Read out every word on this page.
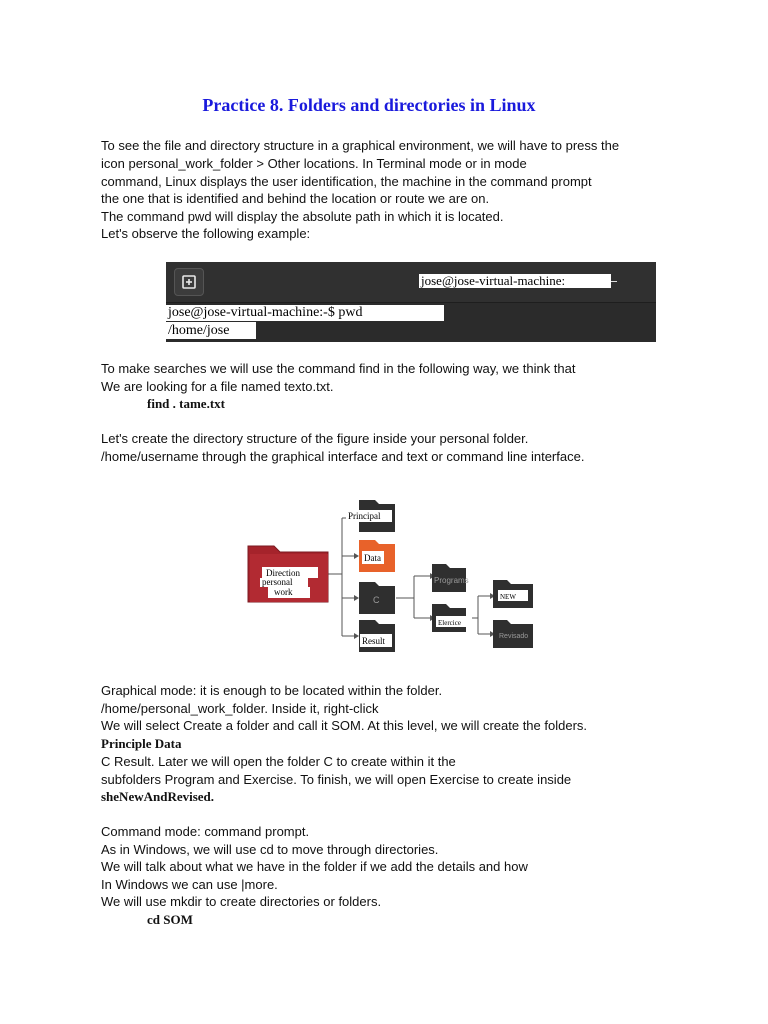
Practice 8. Folders and directories in Linux
To see the file and directory structure in a graphical environment, we will have to press the
icon personal_work_folder > Other locations. In Terminal mode or in mode
command, Linux displays the user identification, the machine in the command prompt
the one that is identified and behind the location or route we are on.
The command pwd will display the absolute path in which it is located.
Let's observe the following example:
jose@jose-virtual-machine:
jose@jose-virtual-machine:-$ pwd
/home/jose
To make searches we will use the command find in the following way, we think that
We are looking for a file named texto.txt.
find . tame.txt
Let's create the directory structure of the figure inside your personal folder.
/home/username through the graphical interface and text or command line interface.
Direction
personal
work
Principal
Data
C
Result
Programs
Elercice
NEW
Revisado
Graphical mode: it is enough to be located within the folder.
/home/personal_work_folder. Inside it, right-click
We will select Create a folder and call it SOM. At this level, we will create the folders.
Principle Data
C Result. Later we will open the folder C to create within it the
subfolders Program and Exercise. To finish, we will open Exercise to create inside
sheNewAndRevised.
Command mode: command prompt.
As in Windows, we will use cd to move through directories.
We will talk about what we have in the folder if we add the details and how
In Windows we can use |more.
We will use mkdir to create directories or folders.
cd SOM
